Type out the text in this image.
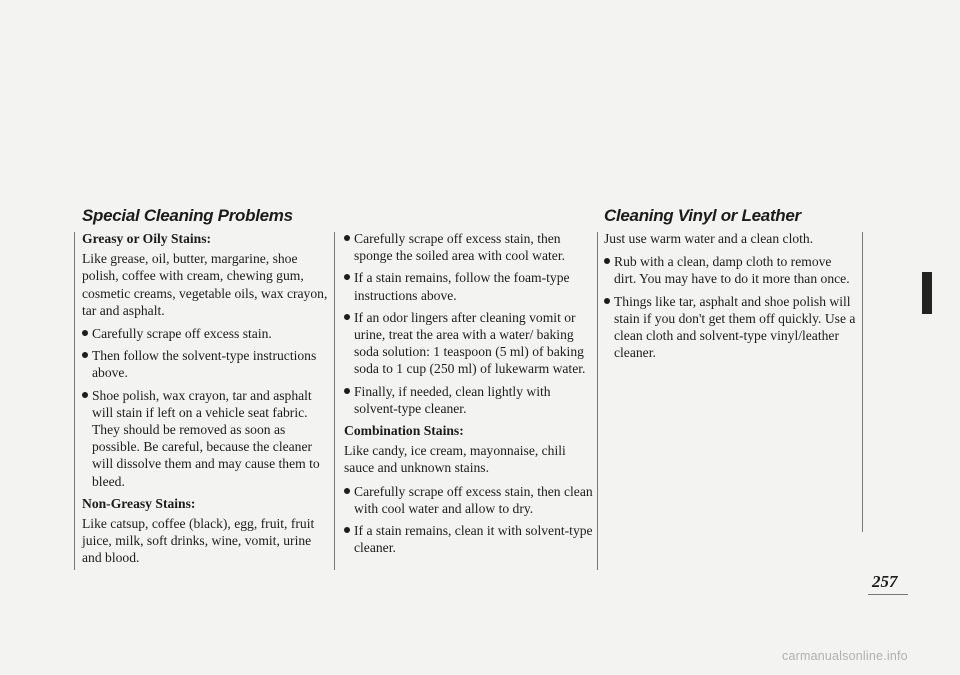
Special Cleaning Problems	Cleaning Vinyl or Leather
Greasy or Oily Stains:

Like grease, oil, butter, margarine, shoe polish, coffee with cream, chewing gum, cosmetic creams, vegetable oils, wax crayon, tar and asphalt.

Carefully scrape off excess stain.
Then follow the solvent-type instructions above.
Shoe polish, wax crayon, tar and asphalt will stain if left on a vehicle seat fabric. They should be removed as soon as possible. Be careful, because the cleaner will dissolve them and may cause them to bleed.
Non-Greasy Stains:

Like catsup, coffee (black), egg, fruit, fruit juice, milk, soft drinks, wine, vomit, urine and blood.

Carefully scrape off excess stain, then sponge the soiled area with cool water.
If a stain remains, follow the foam-type instructions above.
If an odor lingers after cleaning vomit or urine, treat the area with a water/ baking soda solution: 1 teaspoon (5 ml) of baking soda to 1 cup (250 ml) of lukewarm water.
Finally, if needed, clean lightly with solvent-type cleaner.
Combination Stains:

Like candy, ice cream, mayonnaise, chili sauce and unknown stains.

Carefully scrape off excess stain, then clean with cool water and allow to dry.
If a stain remains, clean it with solvent-type cleaner.

Just use warm water and a clean cloth.

Rub with a clean, damp cloth to remove dirt. You may have to do it more than once.
Things like tar, asphalt and shoe polish will stain if you don't get them off quickly. Use a clean cloth and solvent-type vinyl/leather cleaner.
257
carmanualsonline.info
